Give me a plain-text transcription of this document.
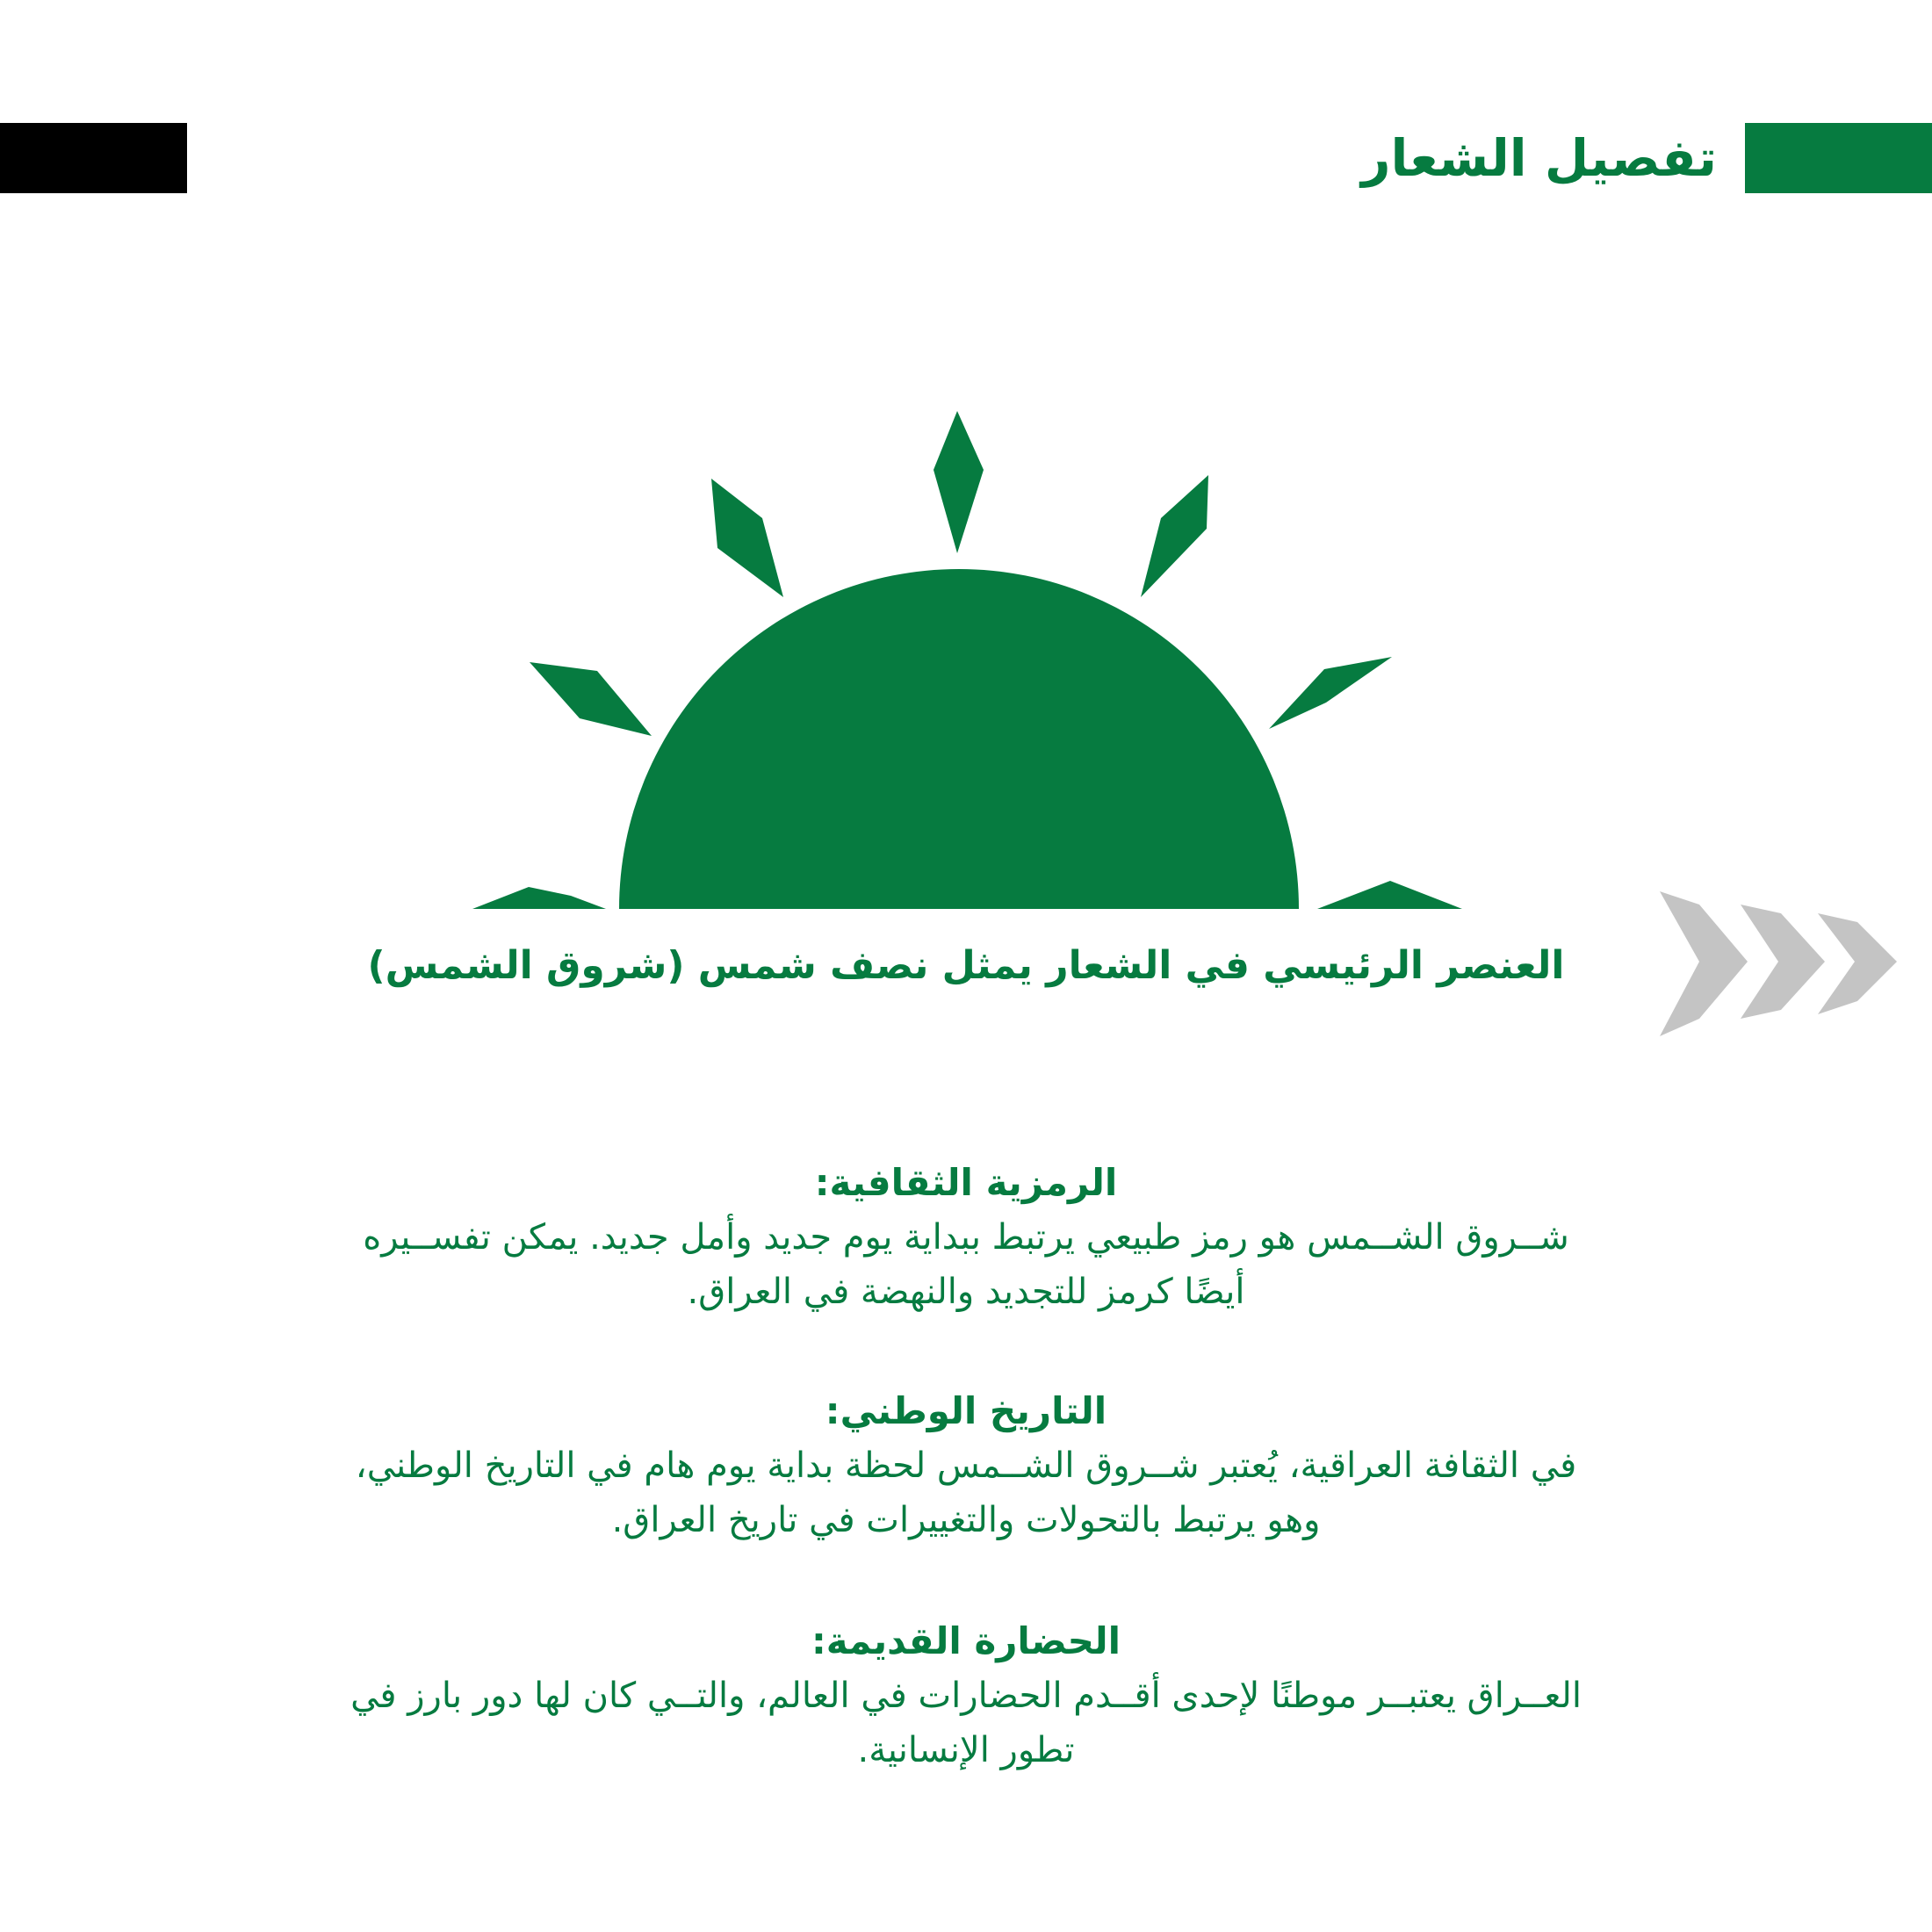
تفصيل الشعار

العنصر الرئيسي في الشعار يمثل نصف شمس (شروق الشمس)

الرمزية الثقافية:

شــروق الشــمس هو رمز طبيعي يرتبط ببداية يوم جديد وأمل جديد. يمكن تفســيره

أيضًا كرمز للتجديد والنهضة في العراق.

التاريخ الوطني:

في الثقافة العراقية، يُعتبر شــروق الشــمس لحظة بداية يوم هام في التاريخ الوطني،

وهو يرتبط بالتحولات والتغييرات في تاريخ العراق.

الحضارة القديمة:

العــراق يعتبــر موطنًا لإحدى أقــدم الحضارات في العالم، والتــي كان لها دور بارز في

تطور الإنسانية.
